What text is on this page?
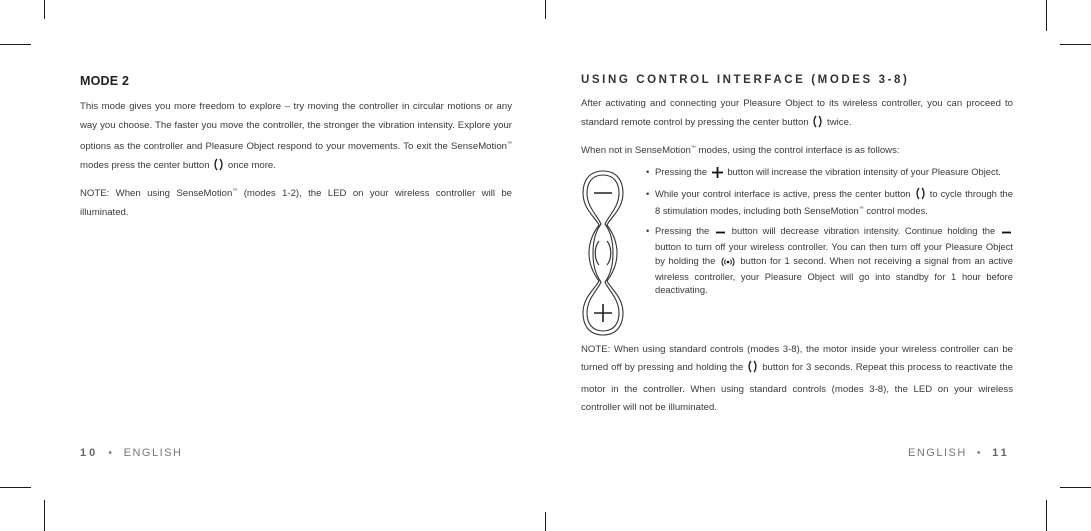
MODE 2

This mode gives you more freedom to explore – try moving the controller in circular motions or any way you choose. The faster you move the controller, the stronger the vibration intensity. Explore your options as the controller and Pleasure Object respond to your movements. To exit the SenseMotion™ modes press the center button  once more.

NOTE: When using SenseMotion™ (modes 1-2), the LED on your wireless controller will be illuminated.

10 • ENGLISH
USING CONTROL INTERFACE (MODES 3-8)

After activating and connecting your Pleasure Object to its wireless controller, you can proceed to standard remote control by pressing the center button  twice.

When not in SenseMotion™ modes, using the control interface is as follows:

• Pressing the  button will increase the vibration intensity of your Pleasure Object.
• While your control interface is active, press the center button  to cycle through the 8 stimulation modes, including both SenseMotion™ control modes.
• Pressing the  button will decrease vibration intensity. Continue holding the  button to turn off your wireless controller. You can then turn off your Pleasure Object by holding the  button for 1 second. When not receiving a signal from an active wireless controller, your Pleasure Object will go into standby for 1 hour before deactivating.

NOTE: When using standard controls (modes 3-8), the motor inside your wireless controller can be turned off by pressing and holding the  button for 3 seconds. Repeat this process to reactivate the motor in the controller. When using standard controls (modes 3-8), the LED on your wireless controller will not be illuminated.

ENGLISH • 11
